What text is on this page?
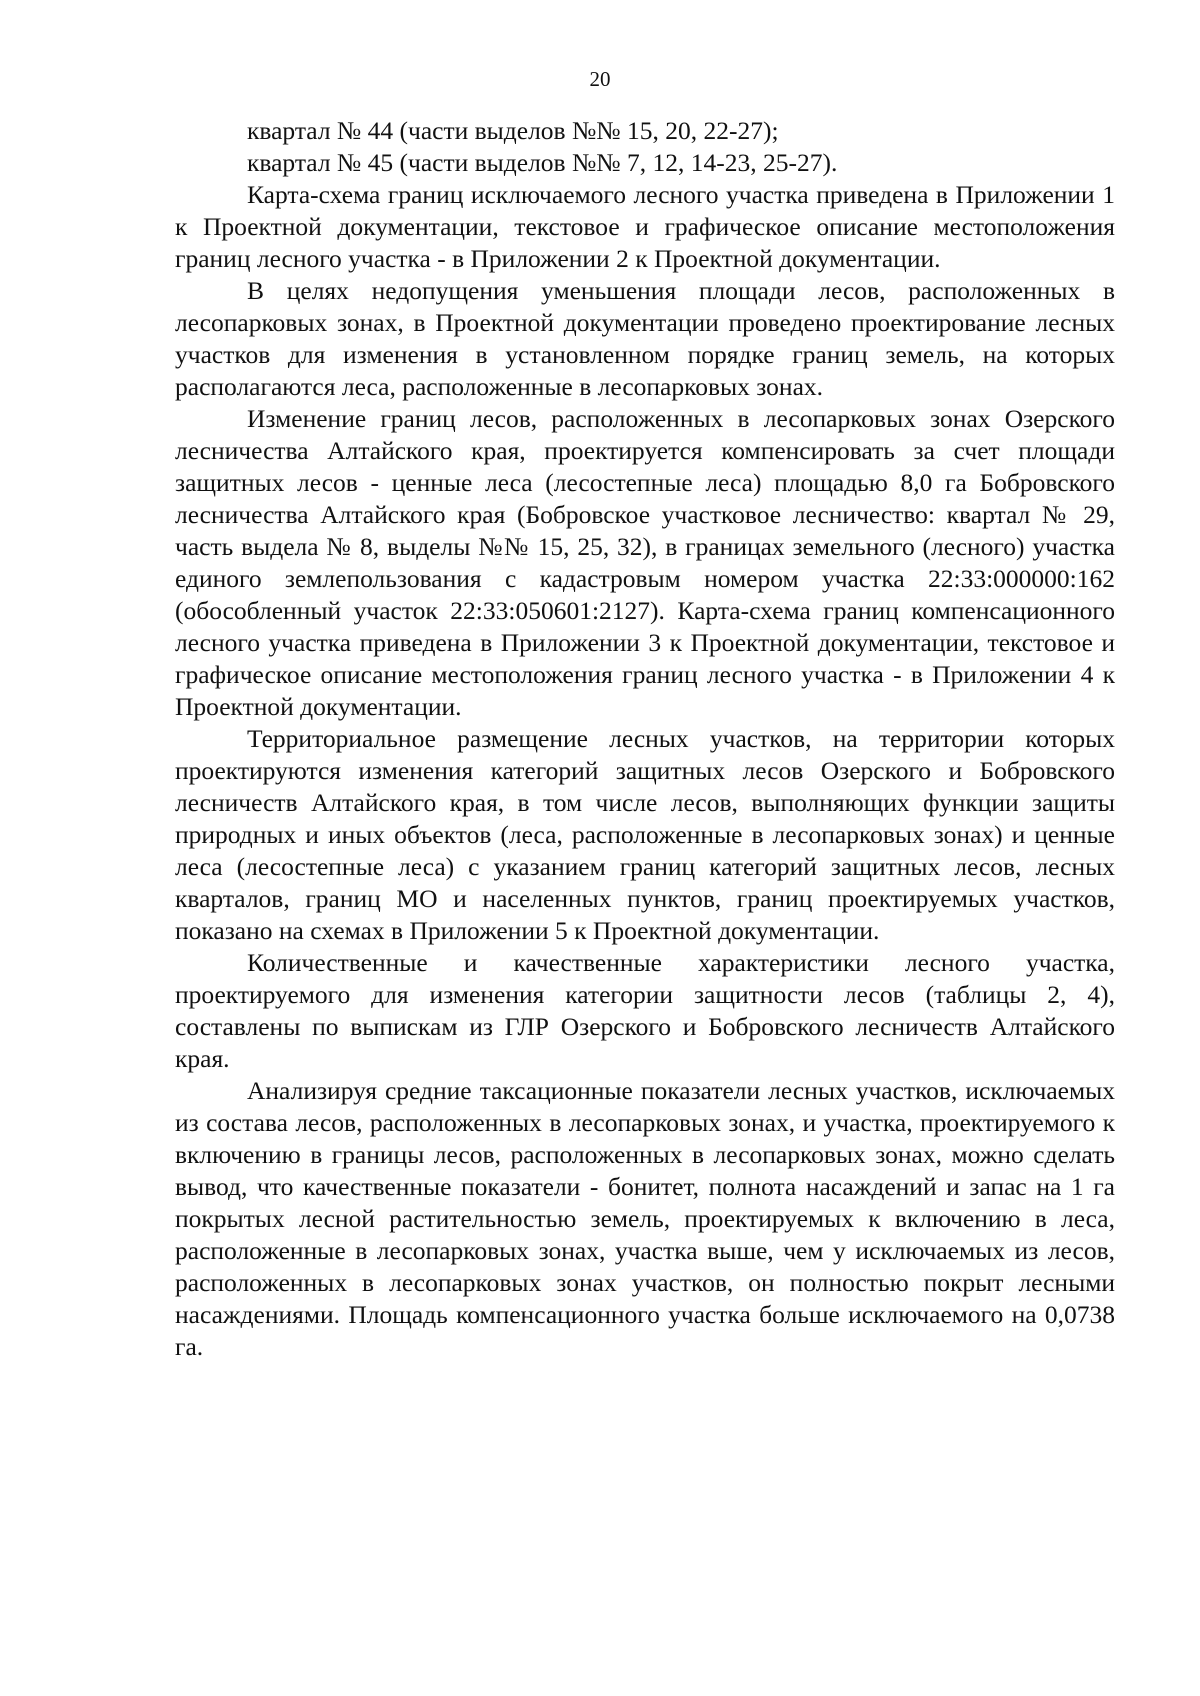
20

квартал № 44 (части выделов №№ 15, 20, 22-27);

квартал № 45 (части выделов №№ 7, 12, 14-23, 25-27).

Карта-схема границ исключаемого лесного участка приведена в Приложении 1 к Проектной документации, текстовое и графическое описание местоположения границ лесного участка - в Приложении 2 к Проектной документации.

В целях недопущения уменьшения площади лесов, расположенных в лесопарковых зонах, в Проектной документации проведено проектирование лесных участков для изменения в установленном порядке границ земель, на которых располагаются леса, расположенные в лесопарковых зонах.

Изменение границ лесов, расположенных в лесопарковых зонах Озерского лесничества Алтайского края, проектируется компенсировать за счет площади защитных лесов - ценные леса (лесостепные леса) площадью 8,0 га Бобровского лесничества Алтайского края (Бобровское участковое лесничество: квартал № 29, часть выдела № 8, выделы №№ 15, 25, 32), в границах земельного (лесного) участка единого землепользования с кадастровым номером участка 22:33:000000:162 (обособленный участок 22:33:050601:2127). Карта-схема границ компенсационного лесного участка приведена в Приложении 3 к Проектной документации, текстовое и графическое описание местоположения границ лесного участка - в Приложении 4 к Проектной документации.

Территориальное размещение лесных участков, на территории которых проектируются изменения категорий защитных лесов Озерского и Бобровского лесничеств Алтайского края, в том числе лесов, выполняющих функции защиты природных и иных объектов (леса, расположенные в лесопарковых зонах) и ценные леса (лесостепные леса) с указанием границ категорий защитных лесов, лесных кварталов, границ МО и населенных пунктов, границ проектируемых участков, показано на схемах в Приложении 5 к Проектной документации.

Количественные и качественные характеристики лесного участка, проектируемого для изменения категории защитности лесов (таблицы 2, 4), составлены по выпискам из ГЛР Озерского и Бобровского лесничеств Алтайского края.

Анализируя средние таксационные показатели лесных участков, исключаемых из состава лесов, расположенных в лесопарковых зонах, и участка, проектируемого к включению в границы лесов, расположенных в лесопарковых зонах, можно сделать вывод, что качественные показатели - бонитет, полнота насаждений и запас на 1 га покрытых лесной растительностью земель, проектируемых к включению в леса, расположенные в лесопарковых зонах, участка выше, чем у исключаемых из лесов, расположенных в лесопарковых зонах участков, он полностью покрыт лесными насаждениями. Площадь компенсационного участка больше исключаемого на 0,0738 га.
